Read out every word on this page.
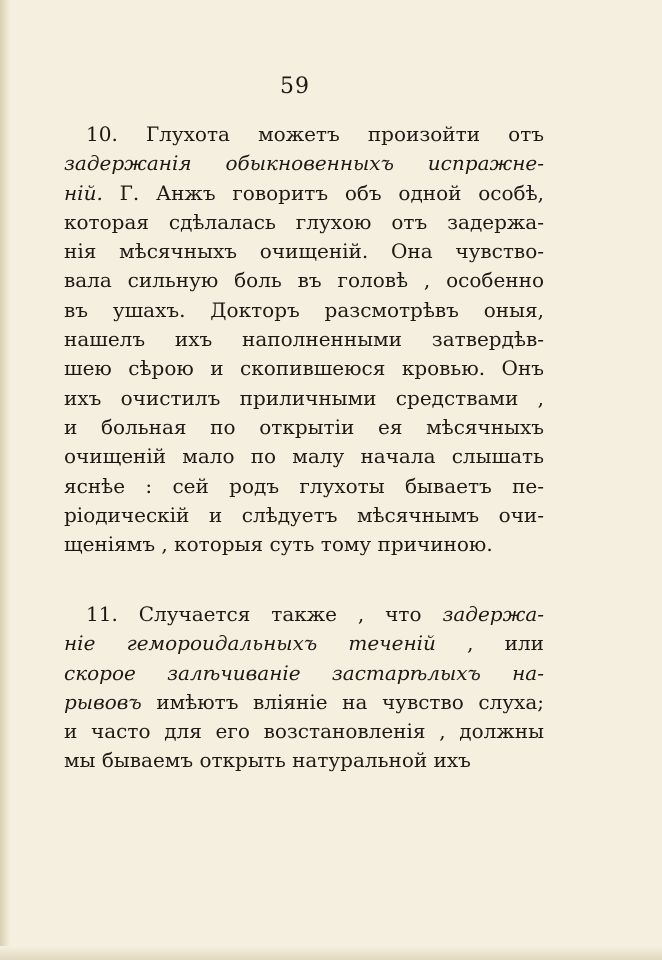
59
10. Глухота можетъ произойти отъ
задержанія обыкновенныхъ испражне-
ній. Г. Анжъ говоритъ объ одной особѣ,
которая сдѣлалась глухою отъ задержа-
нія мѣсячныхъ очищеній. Она чувство-
вала сильную боль въ головѣ , особенно
въ ушахъ. Докторъ разсмотрѣвъ оныя,
нашелъ ихъ наполненными затвердѣв-
шею сѣрою и скопившеюся кровью. Онъ
ихъ очистилъ приличными средствами ,
и больная по открытіи ея мѣсячныхъ
очищеній мало по малу начала слышать
яснѣе : сей родъ глухоты бываетъ пе-
ріодическій и слѣдуетъ мѣсячнымъ очи-
щеніямъ , которыя суть тому причиною.
11. Случается также , что задержа-
ніе геморoидальныхъ теченій , или
скорое залѣчиваніе застарѣлыхъ на-
рывовъ имѣютъ вліяніе на чувство слуха;
и часто для его возстановленія , должны
мы бываемъ открыть натуральной ихъ
